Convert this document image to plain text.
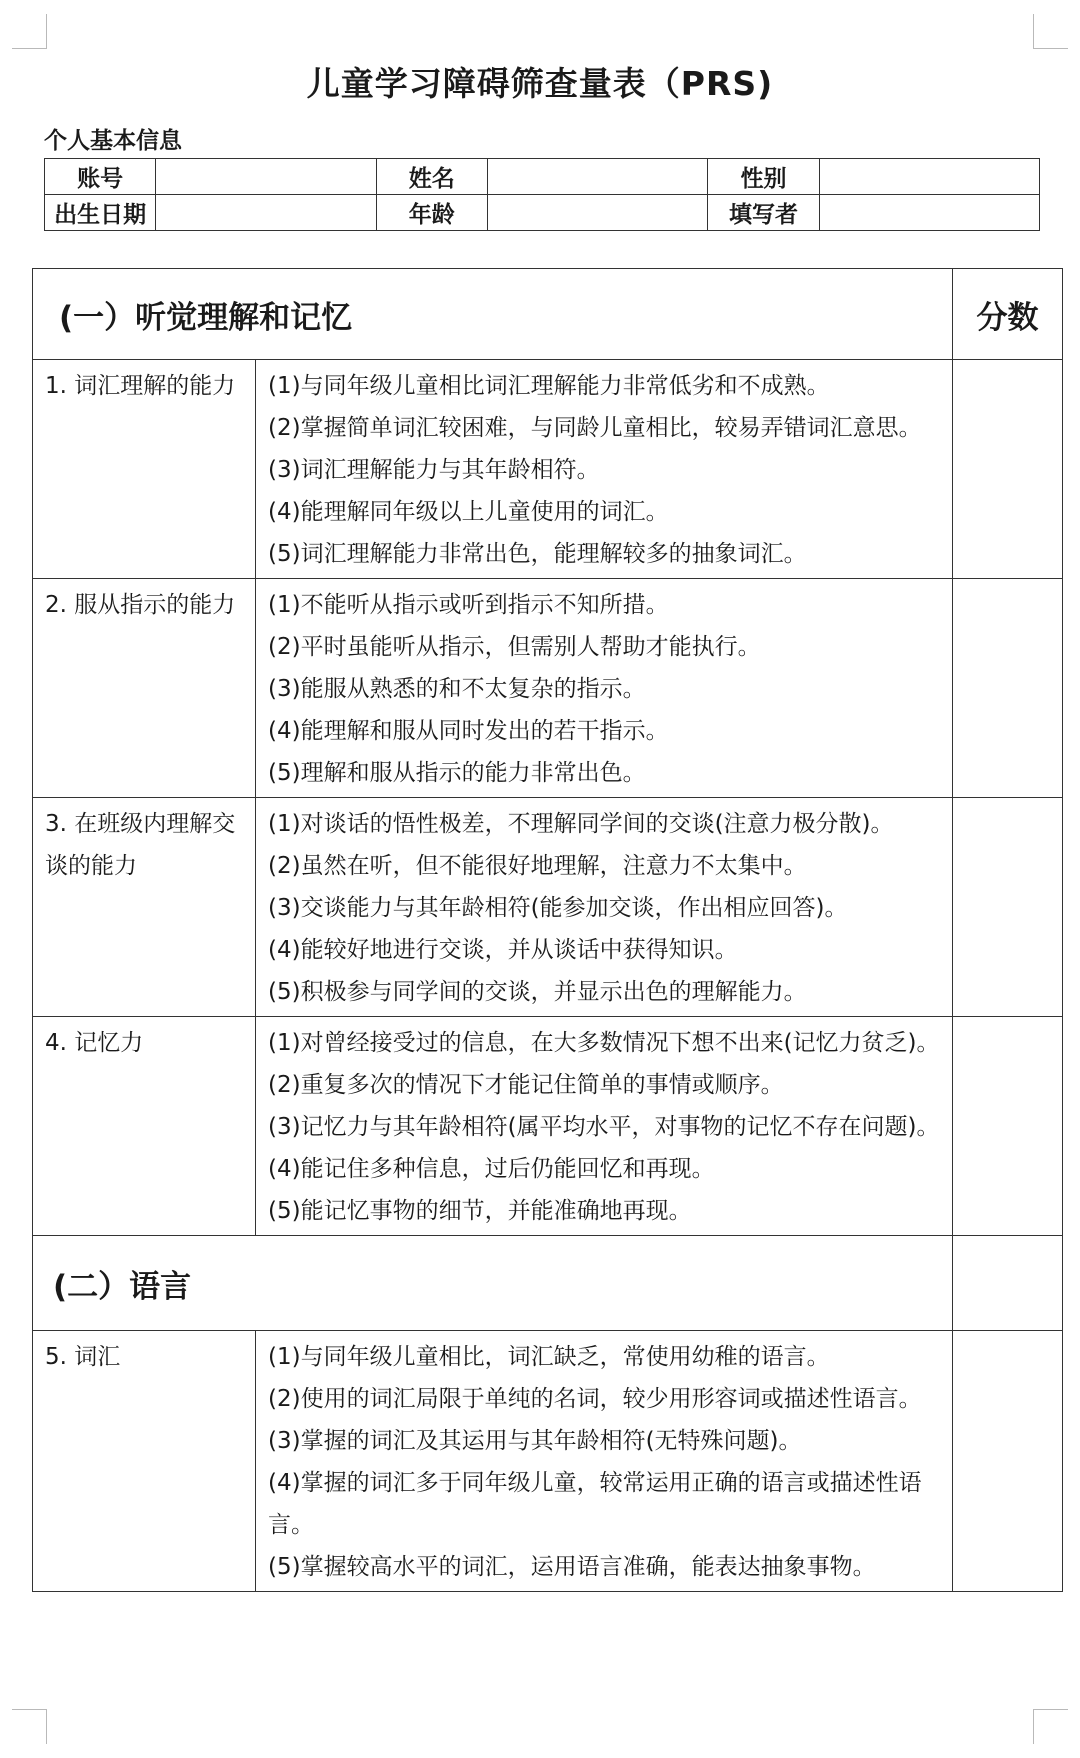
儿童学习障碍筛查量表（PRS)
个人基本信息
账号		姓名		性别	
出生日期		年龄		填写者	
(一）听觉理解和记忆		分数
1. 词汇理解的能力	(1)与同年级儿童相比词汇理解能力非常低劣和不成熟。
(2)掌握简单词汇较困难，与同龄儿童相比，较易弄错词汇意思。
(3)词汇理解能力与其年龄相符。
(4)能理解同年级以上儿童使用的词汇。
(5)词汇理解能力非常出色，能理解较多的抽象词汇。	

2. 服从指示的能力	(1)不能听从指示或听到指示不知所措。
(2)平时虽能听从指示，但需别人帮助才能执行。
(3)能服从熟悉的和不太复杂的指示。
(4)能理解和服从同时发出的若干指示。
(5)理解和服从指示的能力非常出色。	

3. 在班级内理解交谈的能力	(1)对谈话的悟性极差，不理解同学间的交谈(注意力极分散)。
(2)虽然在听，但不能很好地理解，注意力不太集中。
(3)交谈能力与其年龄相符(能参加交谈，作出相应回答)。
(4)能较好地进行交谈，并从谈话中获得知识。
(5)积极参与同学间的交谈，并显示出色的理解能力。	

4. 记忆力	(1)对曾经接受过的信息，在大多数情况下想不出来(记忆力贫乏)。
(2)重复多次的情况下才能记住简单的事情或顺序。
(3)记忆力与其年龄相符(属平均水平，对事物的记忆不存在问题)。
(4)能记住多种信息，过后仍能回忆和再现。
(5)能记忆事物的细节，并能准确地再现。	

(二）语言		
5. 词汇	(1)与同年级儿童相比，词汇缺乏，常使用幼稚的语言。
(2)使用的词汇局限于单纯的名词，较少用形容词或描述性语言。
(3)掌握的词汇及其运用与其年龄相符(无特殊问题)。
(4)掌握的词汇多于同年级儿童，较常运用正确的语言或描述性语言。
(5)掌握较高水平的词汇，运用语言准确，能表达抽象事物。	
